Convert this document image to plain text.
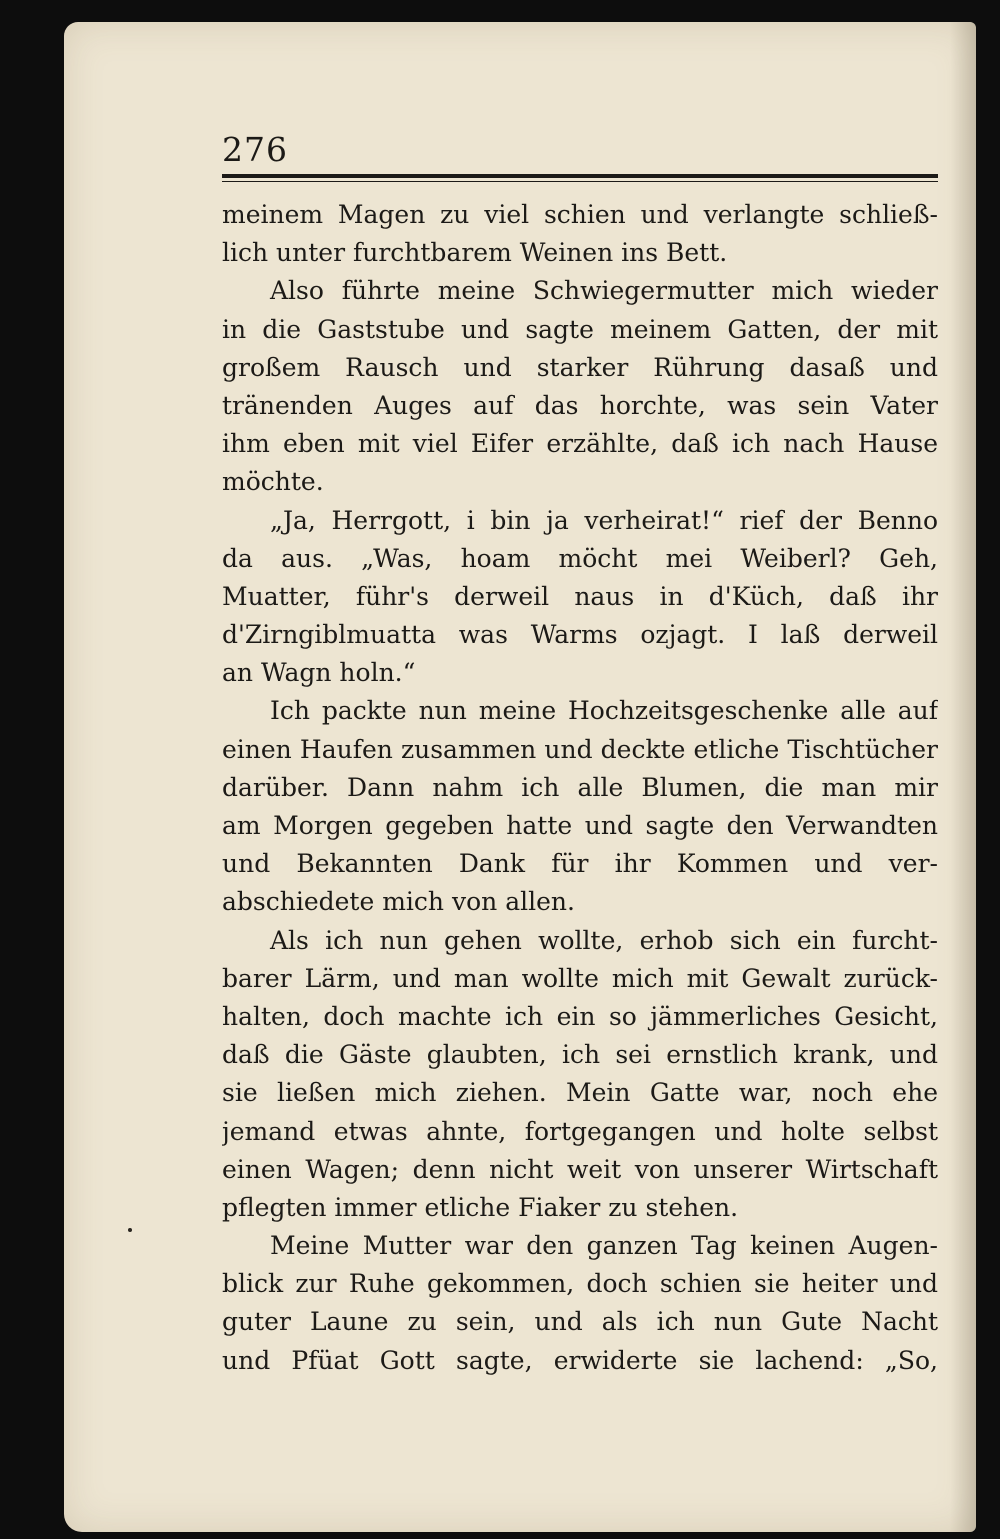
276

meinem Magen zu viel schien und verlangte schließ-
lich unter furchtbarem Weinen ins Bett.
Also führte meine Schwiegermutter mich wieder
in die Gaststube und sagte meinem Gatten, der mit
großem Rausch und starker Rührung dasaß und
tränenden Auges auf das horchte, was sein Vater
ihm eben mit viel Eifer erzählte, daß ich nach Hause
möchte.
„Ja, Herrgott, i bin ja verheirat!“ rief der Benno
da aus. „Was, hoam möcht mei Weiberl? Geh,
Muatter, führ's derweil naus in d'Küch, daß ihr
d'Zirngiblmuatta was Warms ozjagt. I laß derweil
an Wagn holn.“
Ich packte nun meine Hochzeitsgeschenke alle auf
einen Haufen zusammen und deckte etliche Tischtücher
darüber. Dann nahm ich alle Blumen, die man mir
am Morgen gegeben hatte und sagte den Verwandten
und Bekannten Dank für ihr Kommen und ver-
abschiedete mich von allen.
Als ich nun gehen wollte, erhob sich ein furcht-
barer Lärm, und man wollte mich mit Gewalt zurück-
halten, doch machte ich ein so jämmerliches Gesicht,
daß die Gäste glaubten, ich sei ernstlich krank, und
sie ließen mich ziehen. Mein Gatte war, noch ehe
jemand etwas ahnte, fortgegangen und holte selbst
einen Wagen; denn nicht weit von unserer Wirtschaft
pflegten immer etliche Fiaker zu stehen.
Meine Mutter war den ganzen Tag keinen Augen-
blick zur Ruhe gekommen, doch schien sie heiter und
guter Laune zu sein, und als ich nun Gute Nacht
und Pfüat Gott sagte, erwiderte sie lachend: „So,
